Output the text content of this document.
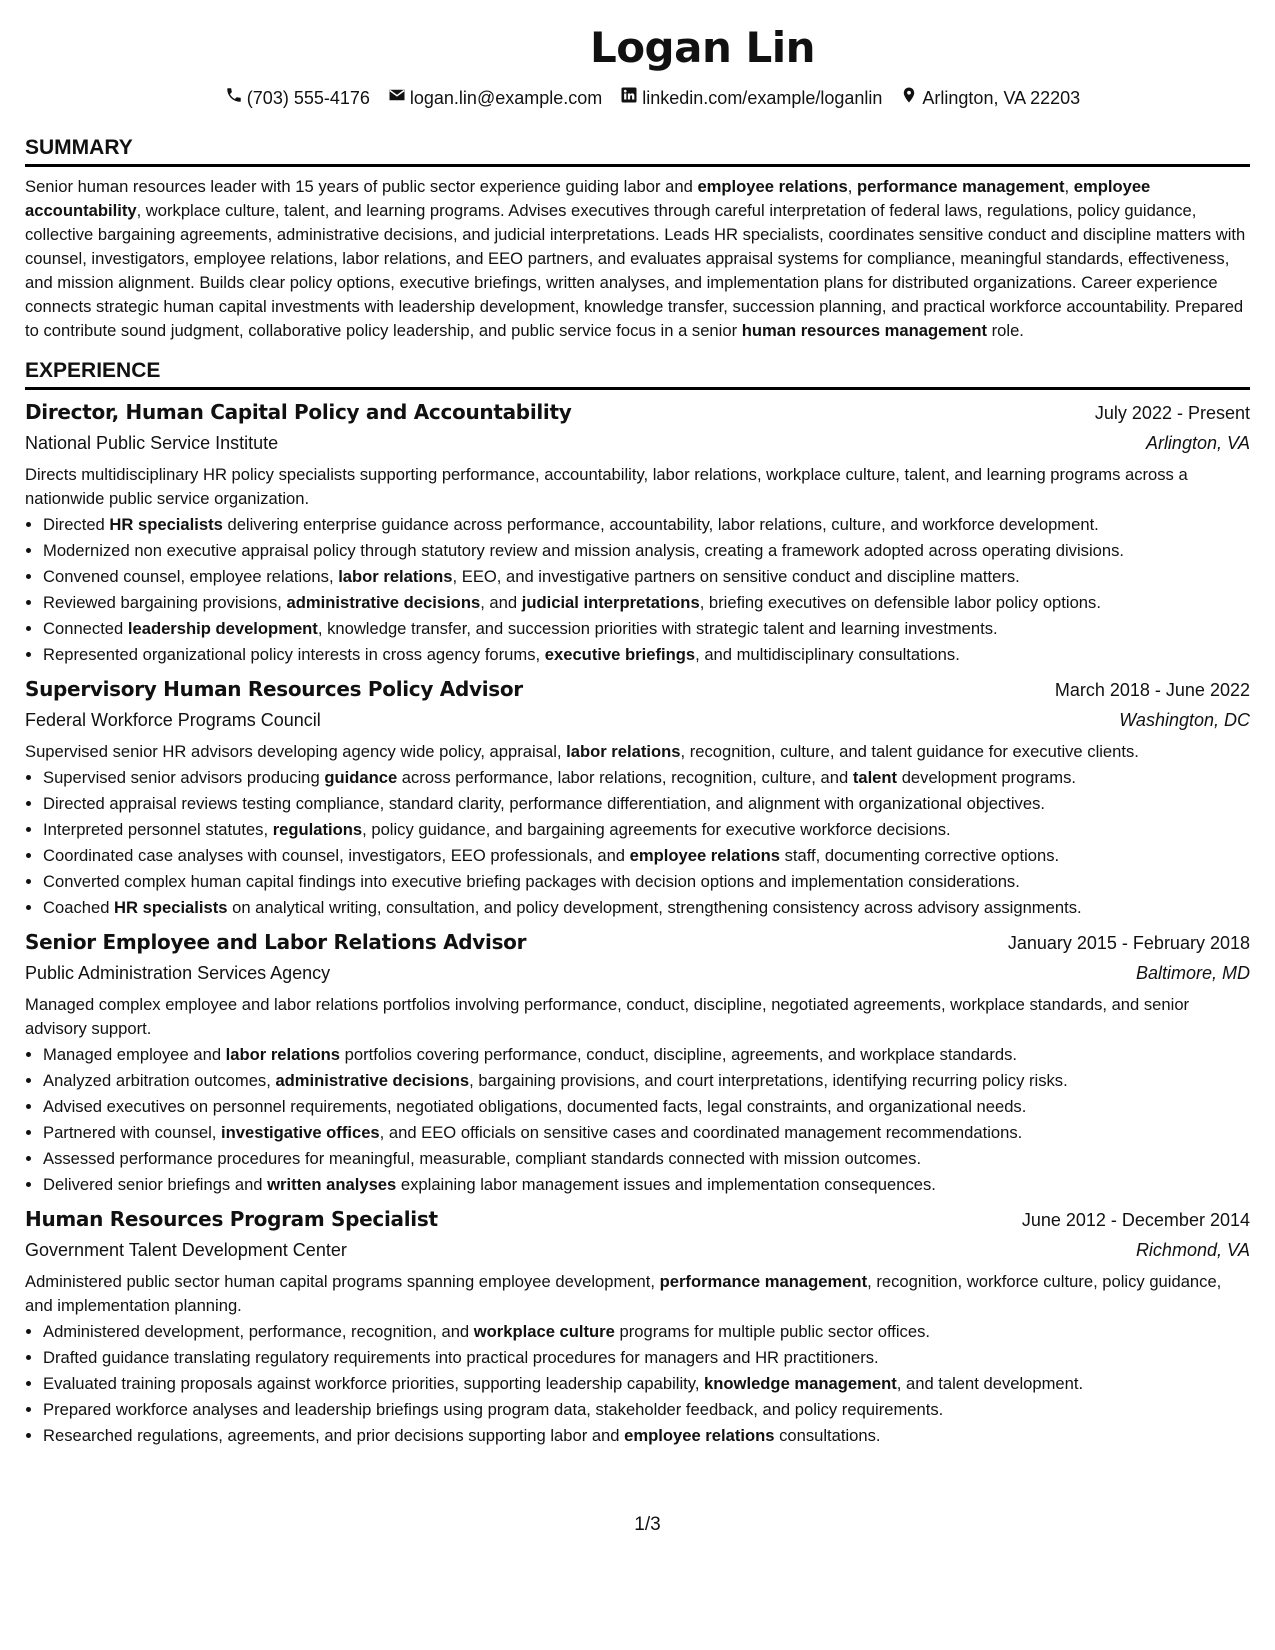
Logan Lin
(703) 555-4176 logan.lin@example.com linkedin.com/example/loganlin Arlington, VA 22203
SUMMARY
Senior human resources leader with 15 years of public sector experience guiding labor and employee relations, performance management, employee accountability, workplace culture, talent, and learning programs. Advises executives through careful interpretation of federal laws, regulations, policy guidance, collective bargaining agreements, administrative decisions, and judicial interpretations. Leads HR specialists, coordinates sensitive conduct and discipline matters with counsel, investigators, employee relations, labor relations, and EEO partners, and evaluates appraisal systems for compliance, meaningful standards, effectiveness, and mission alignment. Builds clear policy options, executive briefings, written analyses, and implementation plans for distributed organizations. Career experience connects strategic human capital investments with leadership development, knowledge transfer, succession planning, and practical workforce accountability. Prepared to contribute sound judgment, collaborative policy leadership, and public service focus in a senior human resources management role.
EXPERIENCE
Director, Human Capital Policy and Accountability	July 2022 - Present
National Public Service Institute	Arlington, VA
Directs multidisciplinary HR policy specialists supporting performance, accountability, labor relations, workplace culture, talent, and learning programs across a nationwide public service organization.
• Directed HR specialists delivering enterprise guidance across performance, accountability, labor relations, culture, and workforce development.
• Modernized non executive appraisal policy through statutory review and mission analysis, creating a framework adopted across operating divisions.
• Convened counsel, employee relations, labor relations, EEO, and investigative partners on sensitive conduct and discipline matters.
• Reviewed bargaining provisions, administrative decisions, and judicial interpretations, briefing executives on defensible labor policy options.
• Connected leadership development, knowledge transfer, and succession priorities with strategic talent and learning investments.
• Represented organizational policy interests in cross agency forums, executive briefings, and multidisciplinary consultations.
Supervisory Human Resources Policy Advisor	March 2018 - June 2022
Federal Workforce Programs Council	Washington, DC
Supervised senior HR advisors developing agency wide policy, appraisal, labor relations, recognition, culture, and talent guidance for executive clients.
• Supervised senior advisors producing guidance across performance, labor relations, recognition, culture, and talent development programs.
• Directed appraisal reviews testing compliance, standard clarity, performance differentiation, and alignment with organizational objectives.
• Interpreted personnel statutes, regulations, policy guidance, and bargaining agreements for executive workforce decisions.
• Coordinated case analyses with counsel, investigators, EEO professionals, and employee relations staff, documenting corrective options.
• Converted complex human capital findings into executive briefing packages with decision options and implementation considerations.
• Coached HR specialists on analytical writing, consultation, and policy development, strengthening consistency across advisory assignments.
Senior Employee and Labor Relations Advisor	January 2015 - February 2018
Public Administration Services Agency	Baltimore, MD
Managed complex employee and labor relations portfolios involving performance, conduct, discipline, negotiated agreements, workplace standards, and senior advisory support.
• Managed employee and labor relations portfolios covering performance, conduct, discipline, agreements, and workplace standards.
• Analyzed arbitration outcomes, administrative decisions, bargaining provisions, and court interpretations, identifying recurring policy risks.
• Advised executives on personnel requirements, negotiated obligations, documented facts, legal constraints, and organizational needs.
• Partnered with counsel, investigative offices, and EEO officials on sensitive cases and coordinated management recommendations.
• Assessed performance procedures for meaningful, measurable, compliant standards connected with mission outcomes.
• Delivered senior briefings and written analyses explaining labor management issues and implementation consequences.
Human Resources Program Specialist	June 2012 - December 2014
Government Talent Development Center	Richmond, VA
Administered public sector human capital programs spanning employee development, performance management, recognition, workforce culture, policy guidance, and implementation planning.
• Administered development, performance, recognition, and workplace culture programs for multiple public sector offices.
• Drafted guidance translating regulatory requirements into practical procedures for managers and HR practitioners.
• Evaluated training proposals against workforce priorities, supporting leadership capability, knowledge management, and talent development.
• Prepared workforce analyses and leadership briefings using program data, stakeholder feedback, and policy requirements.
• Researched regulations, agreements, and prior decisions supporting labor and employee relations consultations.
1/3
